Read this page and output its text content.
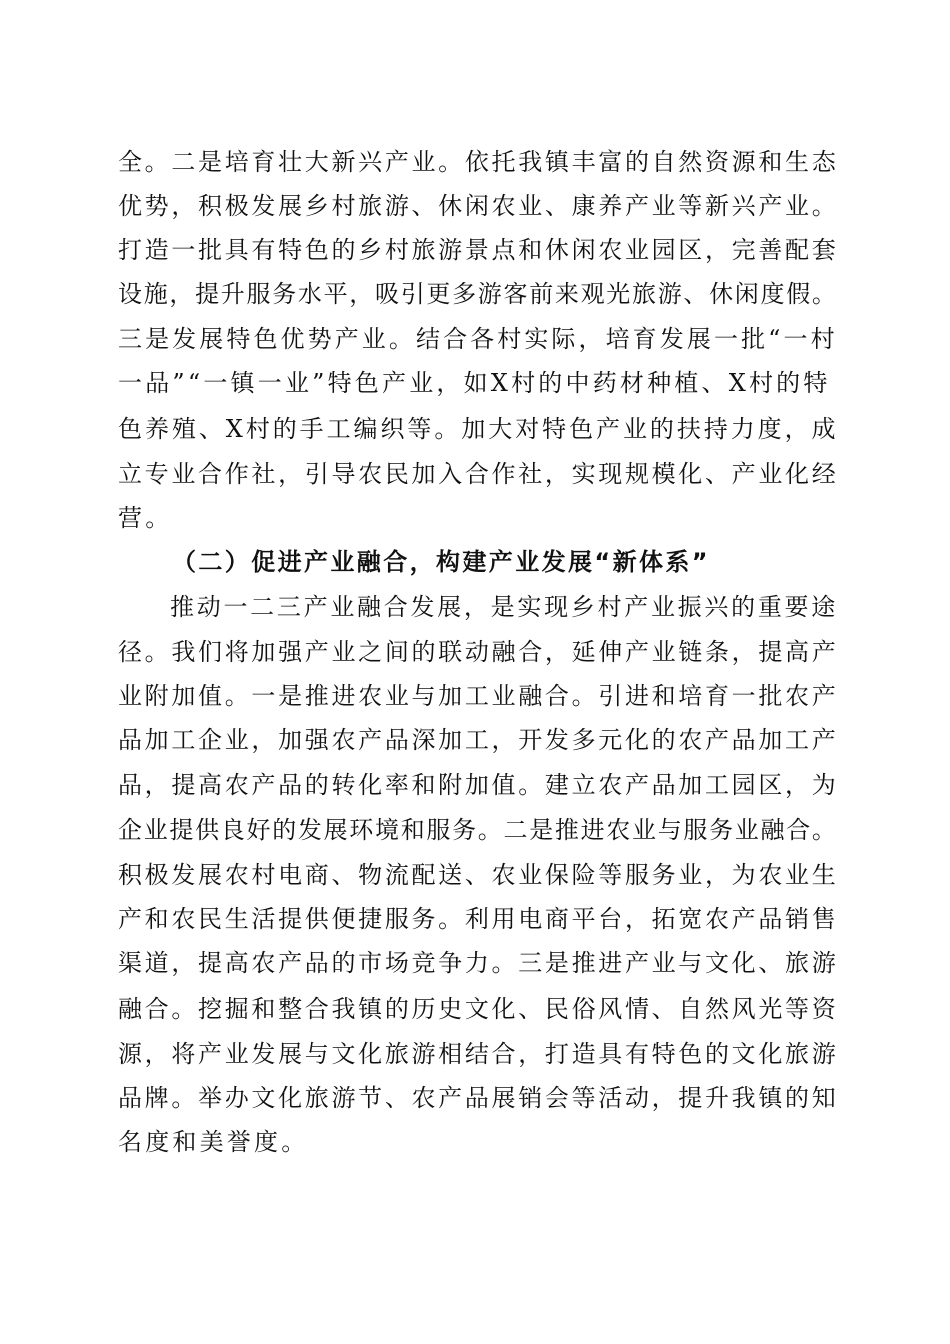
全。二是培育壮大新兴产业。依托我镇丰富的自然资源和生态
优势，积极发展乡村旅游、休闲农业、康养产业等新兴产业。
打造一批具有特色的乡村旅游景点和休闲农业园区，完善配套
设施，提升服务水平，吸引更多游客前来观光旅游、休闲度假。
三是发展特色优势产业。结合各村实际，培育发展一批“一村
一品”“一镇一业”特色产业，如X村的中药材种植、X村的特
色养殖、X村的手工编织等。加大对特色产业的扶持力度，成
立专业合作社，引导农民加入合作社，实现规模化、产业化经
营。
（二）促进产业融合，构建产业发展“新体系”
推动一二三产业融合发展，是实现乡村产业振兴的重要途
径。我们将加强产业之间的联动融合，延伸产业链条，提高产
业附加值。一是推进农业与加工业融合。引进和培育一批农产
品加工企业，加强农产品深加工，开发多元化的农产品加工产
品，提高农产品的转化率和附加值。建立农产品加工园区，为
企业提供良好的发展环境和服务。二是推进农业与服务业融合。
积极发展农村电商、物流配送、农业保险等服务业，为农业生
产和农民生活提供便捷服务。利用电商平台，拓宽农产品销售
渠道，提高农产品的市场竞争力。三是推进产业与文化、旅游
融合。挖掘和整合我镇的历史文化、民俗风情、自然风光等资
源，将产业发展与文化旅游相结合，打造具有特色的文化旅游
品牌。举办文化旅游节、农产品展销会等活动，提升我镇的知
名度和美誉度。
